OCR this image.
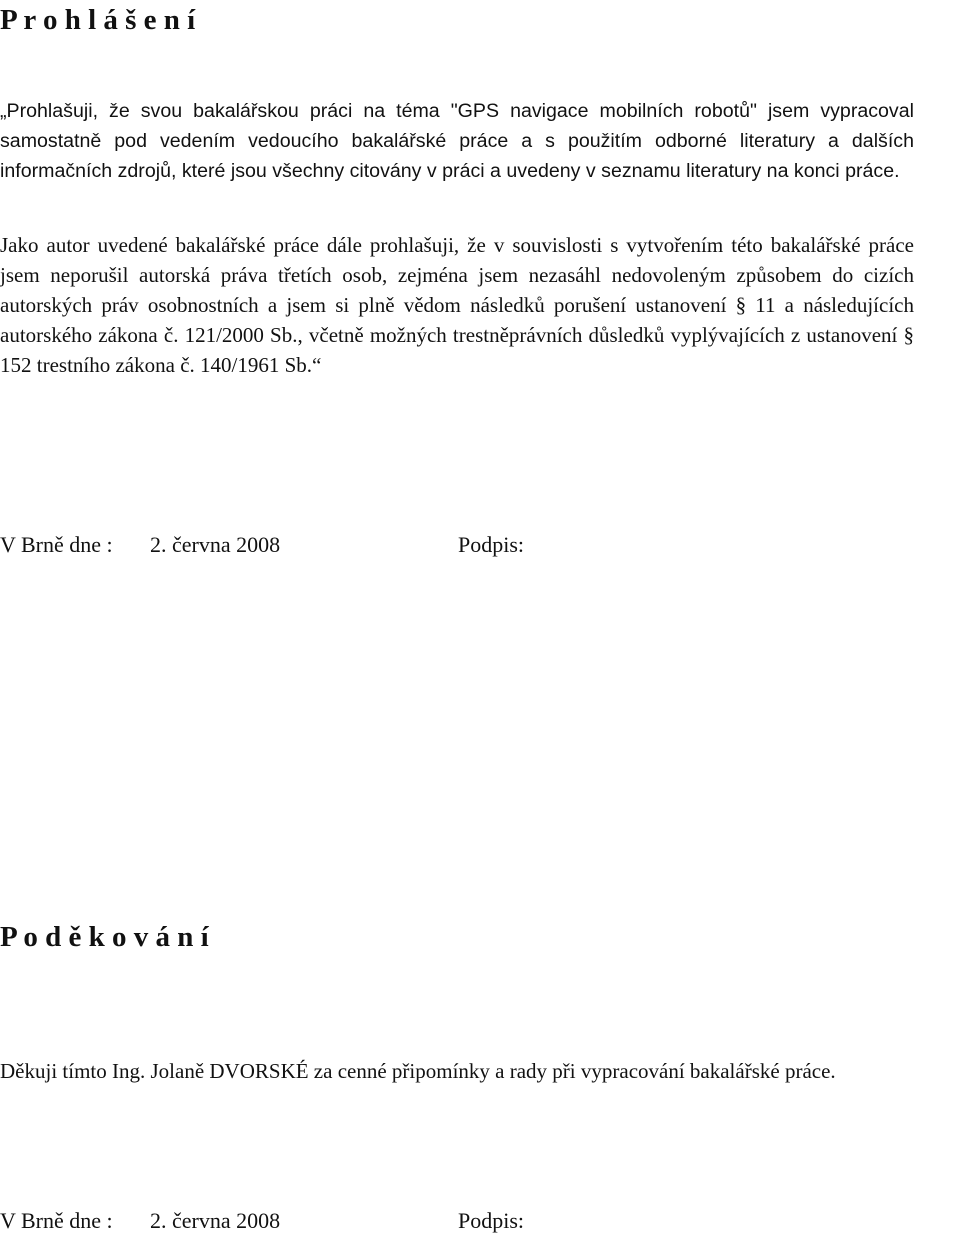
P r o h l á š e n í

„Prohlašuji, že svou bakalářskou práci na téma "GPS navigace mobilních robotů" jsem vypracoval samostatně pod vedením vedoucího bakalářské práce a s použitím odborné literatury a dalších informačních zdrojů, které jsou všechny citovány v práci a uvedeny v seznamu literatury na konci práce.

Jako autor uvedené bakalářské práce dále prohlašuji, že v souvislosti s vytvořením této bakalářské práce jsem neporušil autorská práva třetích osob, zejména jsem nezasáhl nedovoleným způsobem do cizích autorských práv osobnostních a jsem si plně vědom následků porušení ustanovení § 11 a následujících autorského zákona č. 121/2000 Sb., včetně možných trestněprávních důsledků vyplývajících z ustanovení § 152 trestního zákona č. 140/1961 Sb.“

V Brně dne : 2. června 2008	Podpis:
P o d ě k o v á n í

Děkuji tímto Ing. Jolaně DVORSKÉ za cenné připomínky a rady při vypracování bakalářské práce.

V Brně dne : 2. června 2008	Podpis:
